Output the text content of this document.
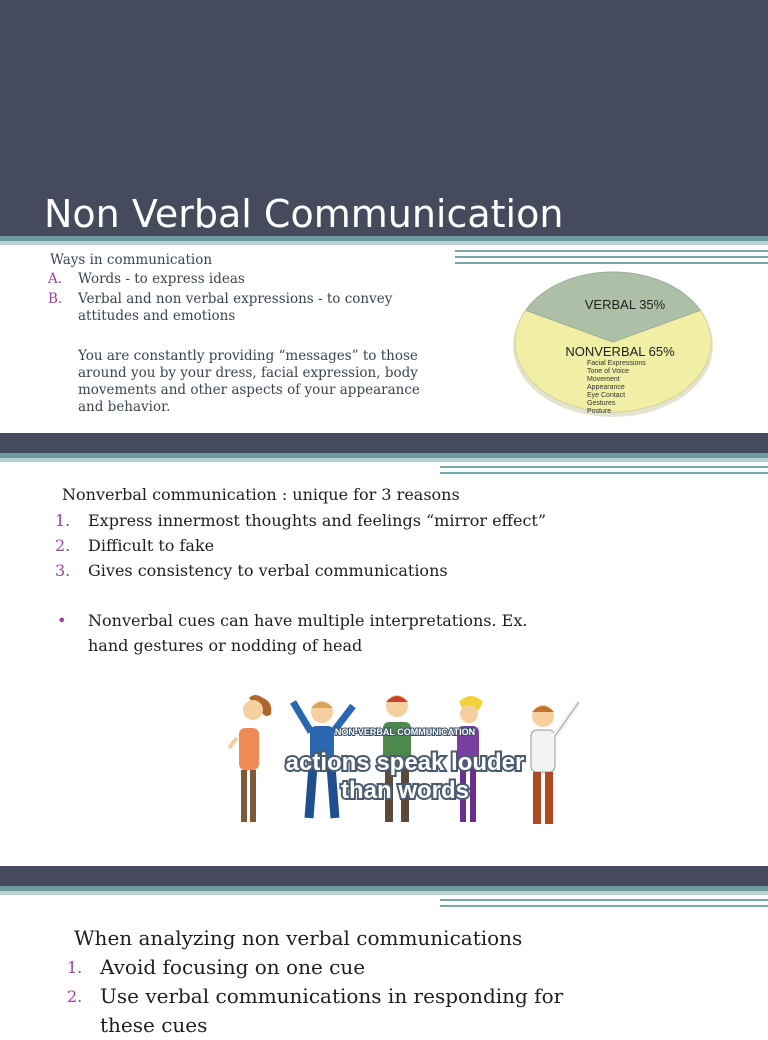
Non Verbal Communication
Ways in communication
A. Words - to express ideas
B. Verbal and non verbal expressions - to convey
attitudes and emotions
You are constantly providing “messages” to those
around you by your dress, facial expression, body
movements and other aspects of your appearance
and behavior.
VERBAL 35%
NONVERBAL 65%
Facial Expressions
Tone of Voice
Movement
Appearance
Eye Contact
Gestures
Posture
Nonverbal communication : unique for 3 reasons
1. Express innermost thoughts and feelings “mirror effect”
2. Difficult to fake
3. Gives consistency to verbal communications
• Nonverbal cues can have multiple interpretations. Ex.
hand gestures or nodding of head
NON-VERBAL COMMUNICATION
actions speak louder
than words
When analyzing non verbal communications
1. Avoid focusing on one cue
2. Use verbal communications in responding for
these cues
